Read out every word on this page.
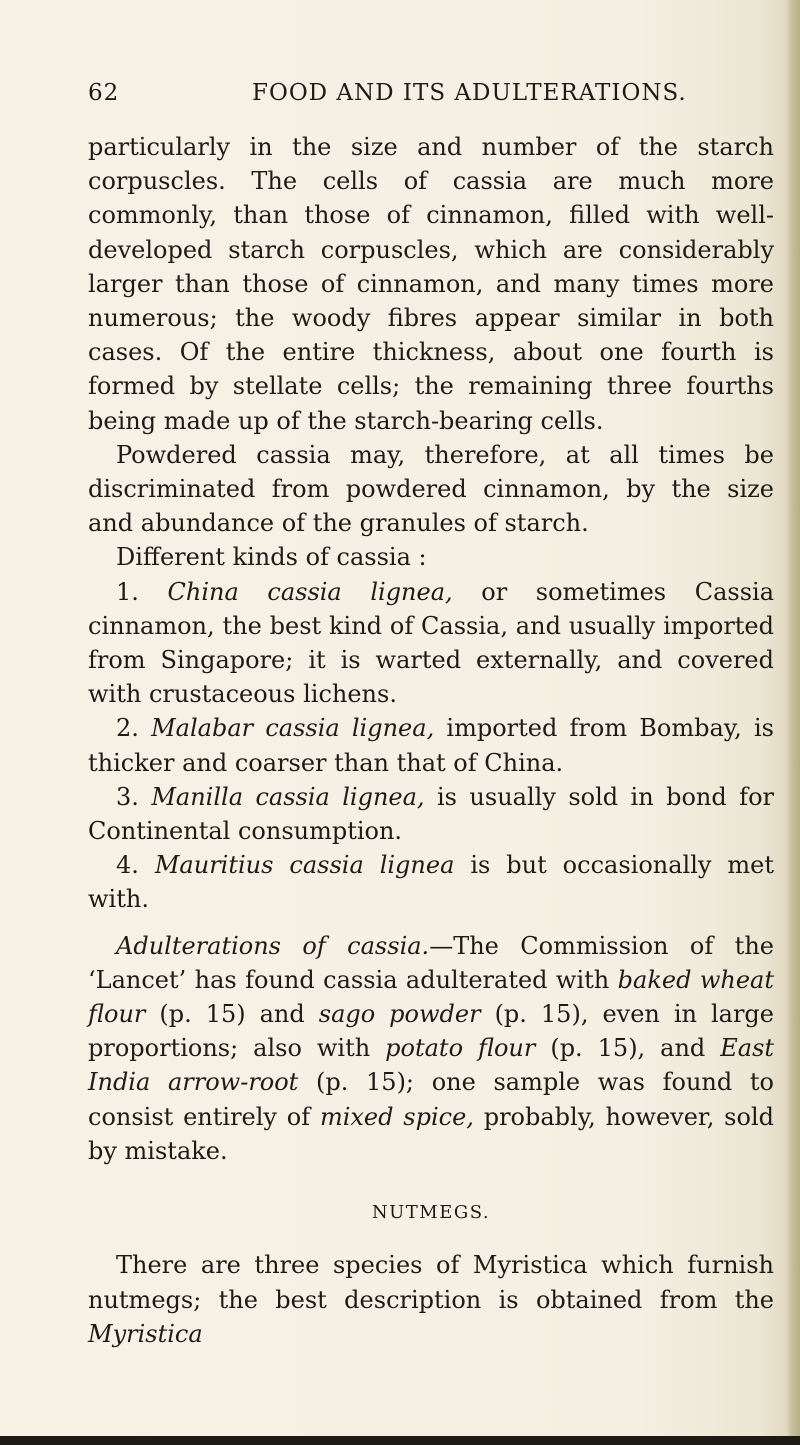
62	FOOD AND ITS ADULTERATIONS.

particularly in the size and number of the starch corpuscles. The cells of cassia are much more commonly, than those of cinnamon, filled with well-developed starch corpuscles, which are considerably larger than those of cinnamon, and many times more numerous; the woody fibres appear similar in both cases. Of the entire thickness, about one fourth is formed by stellate cells; the remaining three fourths being made up of the starch-bearing cells.

Powdered cassia may, therefore, at all times be discriminated from powdered cinnamon, by the size and abundance of the granules of starch.

Different kinds of cassia :

1. China cassia lignea, or sometimes Cassia cinnamon, the best kind of Cassia, and usually imported from Singapore; it is warted externally, and covered with crustaceous lichens.

2. Malabar cassia lignea, imported from Bombay, is thicker and coarser than that of China.

3. Manilla cassia lignea, is usually sold in bond for Continental consumption.

4. Mauritius cassia lignea is but occasionally met with.

Adulterations of cassia.—The Commission of the ‘Lancet’ has found cassia adulterated with baked wheat flour (p. 15) and sago powder (p. 15), even in large proportions; also with potato flour (p. 15), and East India arrow-root (p. 15); one sample was found to consist entirely of mixed spice, probably, however, sold by mistake.

NUTMEGS.

There are three species of Myristica which furnish nutmegs; the best description is obtained from the Myristica
